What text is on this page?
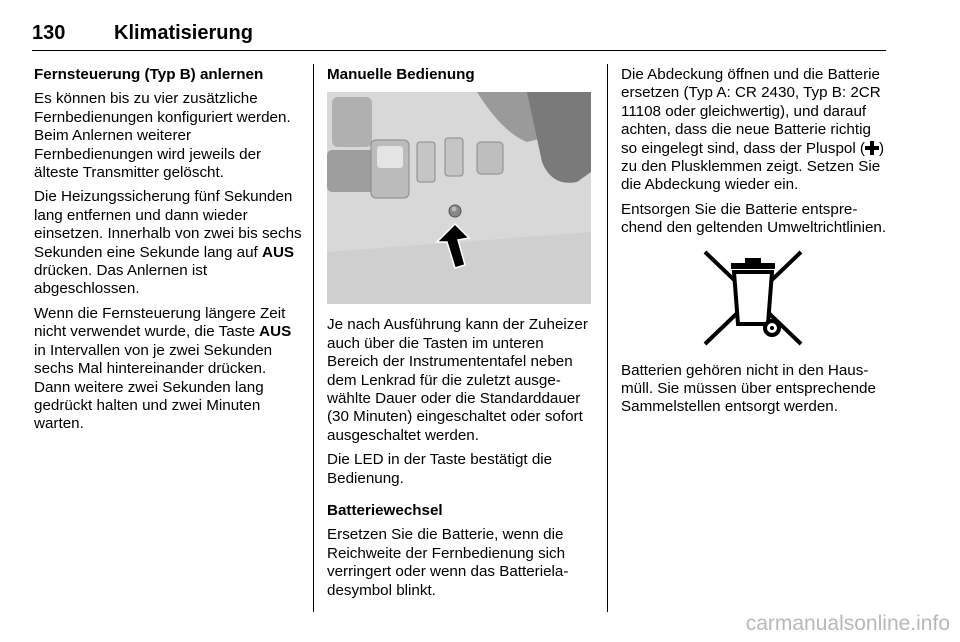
130 Klimatisierung

Fernsteuerung (Typ B) anlernen

Es können bis zu vier zusätzliche Fernbedienungen konfiguriert werden. Beim Anlernen weiterer Fernbedienungen wird jeweils der älteste Transmitter gelöscht.

Die Heizungssicherung fünf Sekunden lang entfernen und dann wieder einsetzen. Innerhalb von zwei bis sechs Sekunden eine Sekunde lang auf AUS drücken. Das Anlernen ist abgeschlossen.

Wenn die Fernsteuerung längere Zeit nicht verwendet wurde, die Taste AUS in Intervallen von je zwei Sekunden sechs Mal hintereinander drücken. Dann weitere zwei Sekunden lang gedrückt halten und zwei Minuten warten.

Manuelle Bedienung

Je nach Ausführung kann der Zuheizer auch über die Tasten im unteren Bereich der Instrumententafel neben dem Lenkrad für die zuletzt ausgewählte Dauer oder die Standarddauer (30 Minuten) eingeschaltet oder sofort ausgeschaltet werden.

Die LED in der Taste bestätigt die Bedienung.

Batteriewechsel

Ersetzen Sie die Batterie, wenn die Reichweite der Fernbedienung sich verringert oder wenn das Batterieladesymbol blinkt.

Die Abdeckung öffnen und die Batterie ersetzen (Typ A: CR 2430, Typ B: 2CR 11108 oder gleichwertig), und darauf achten, dass die neue Batterie richtig so eingelegt sind, dass der Pluspol ( ) zu den Plusklemmen zeigt. Setzen Sie die Abdeckung wieder ein.

Entsorgen Sie die Batterie entsprechend den geltenden Umweltrichtlinien.

Batterien gehören nicht in den Hausmüll. Sie müssen über entsprechende Sammelstellen entsorgt werden.

carmanualsonline.info
